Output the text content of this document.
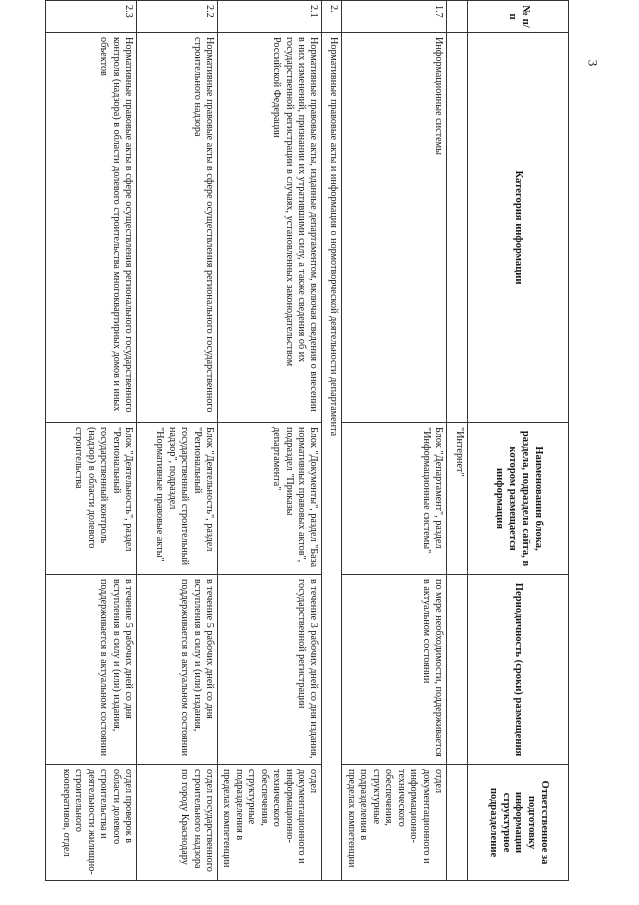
3
№ п/п	Категория информации	Наименования блока, раздела, подраздела сайта, в котором размещается информация	Периодичность (сроки) размещения	Ответственное за подготовку информации структурное подразделение
		"Интернет"		
1.7	Информационные системы	Блок "Департамент", раздел "Информационные системы"	по мере необходимости, поддерживается в актуальном состоянии	отдел документационного и информационно-технического обеспечения, структурные подразделения в пределах компетенции
2.	Нормативные правовые акты и информация о нормотворческой деятельности департамента			
2.1	Нормативные правовые акты, изданные департаментом, включая сведения о внесении в них изменений, признании их утратившими силу, а также сведения об их государственной регистрации в случаях, установленных законодательством Российской Федерации	Блок "Документы", раздел "База нормативных правовых актов", подраздел "Приказы департамента"	в течение 3 рабочих дней со дня издания, государственной регистрации	отдел документационного и информационно-технического обеспечения, структурные подразделения в пределах компетенции
2.2	Нормативные правовые акты в сфере осуществления регионального государственного строительного надзора	Блок "Деятельность", раздел "Региональный государственный строительный надзор", подраздел "Нормативные правовые акты"	в течение 5 рабочих дней со дня вступления в силу и (или) издания, поддерживается в актуальном состоянии	отдел государственного строительного надзора по городу Краснодару
2.3	Нормативные правовые акты в сфере осуществления регионального государственного контроля (надзора) в области долевого строительства многоквартирных домов и иных объектов	Блок "Деятельность", раздел "Региональный государственный контроль (надзор) в области долевого строительства	в течение 5 рабочих дней со дня вступления в силу и (или) издания, поддерживается в актуальном состоянии	отдел проверок в области долевого строительства и деятельности жилищно-строительного кооперативов, отдел
